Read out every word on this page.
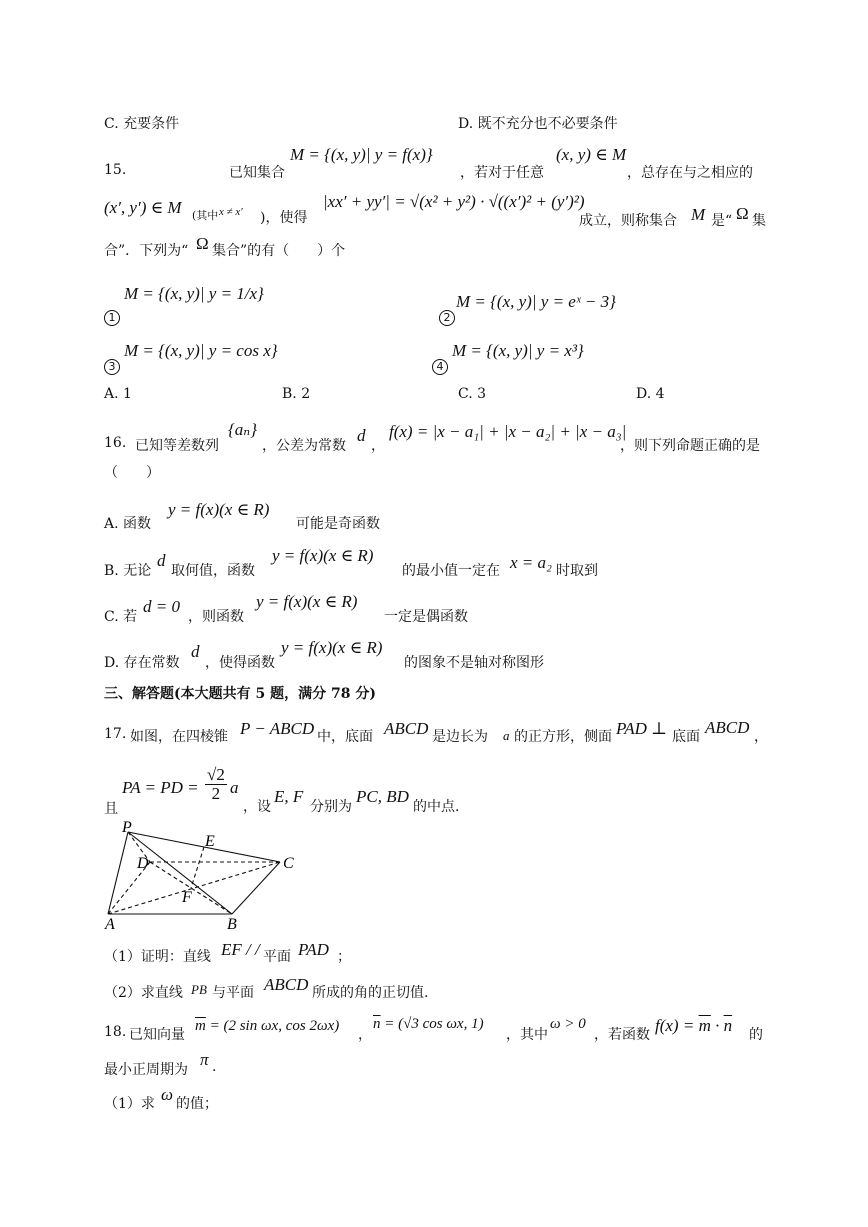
C. 充要条件	D. 既不充分也不必要条件
15.	已知集合
M = {(x, y)| y = f(x)}
，若对于任意
(x, y) ∈ M
，总存在与之相应的
(x′, y′) ∈ M (其中 x ≠ x′ )，使得
|xx′ + yy′| = √(x² + y²) · √((x′)² + (y′)²)
成立，则称集合 M 是“ Ω 集
合”．下列为“ Ω 集合”的有（　　）个
1
M = {(x, y)| y = 1/x}
2
M = {(x, y)| y = eˣ − 3}
3
M = {(x, y)| y = cos x}
4
M = {(x, y)| y = x³}
A. 1	B. 2	C. 3	D. 4
16. 已知等差数列
{aₙ}
，公差为常数
d
，
f(x) = |x − a₁| + |x − a₂| + |x − a₃|
，则下列命题正确的是
（　　）
A. 函数
y = f(x)(x ∈ R)
可能是奇函数
B. 无论
d
取何值，函数
y = f(x)(x ∈ R)
的最小值一定在 x = a₂ 时取到
C. 若
d = 0
，则函数
y = f(x)(x ∈ R)
一定是偶函数
D. 存在常数
d
，使得函数
y = f(x)(x ∈ R)
的图象不是轴对称图形
三、解答题(本大题共有 5 题，满分 78 分)
17. 如图，在四棱锥 P − ABCD 中，底面 ABCD 是边长为 a 的正方形，侧面 PAD ⊥ 底面 ABCD ，
且
PA = PD = $\frac{√2}{2}$ a
，设
E, F
分别为
PC, BD
的中点.
P
E
D	C
F
A	B
（1）证明：直线 EF / / 平面 PAD ；
（2）求直线 PB 与平面 ABCD 所成的角的正切值.
18. 已知向量
$\overline{m} = (2$ sin ωx, cos 2ωx)
，
$\overline{n} = (√3$ cos ωx, 1)
，其中
ω > 0
，若函数 $f(x) = \overline{m} \cdot \overline{n}$ 的
最小正周期为
π .
（1）求 ω 的值；
